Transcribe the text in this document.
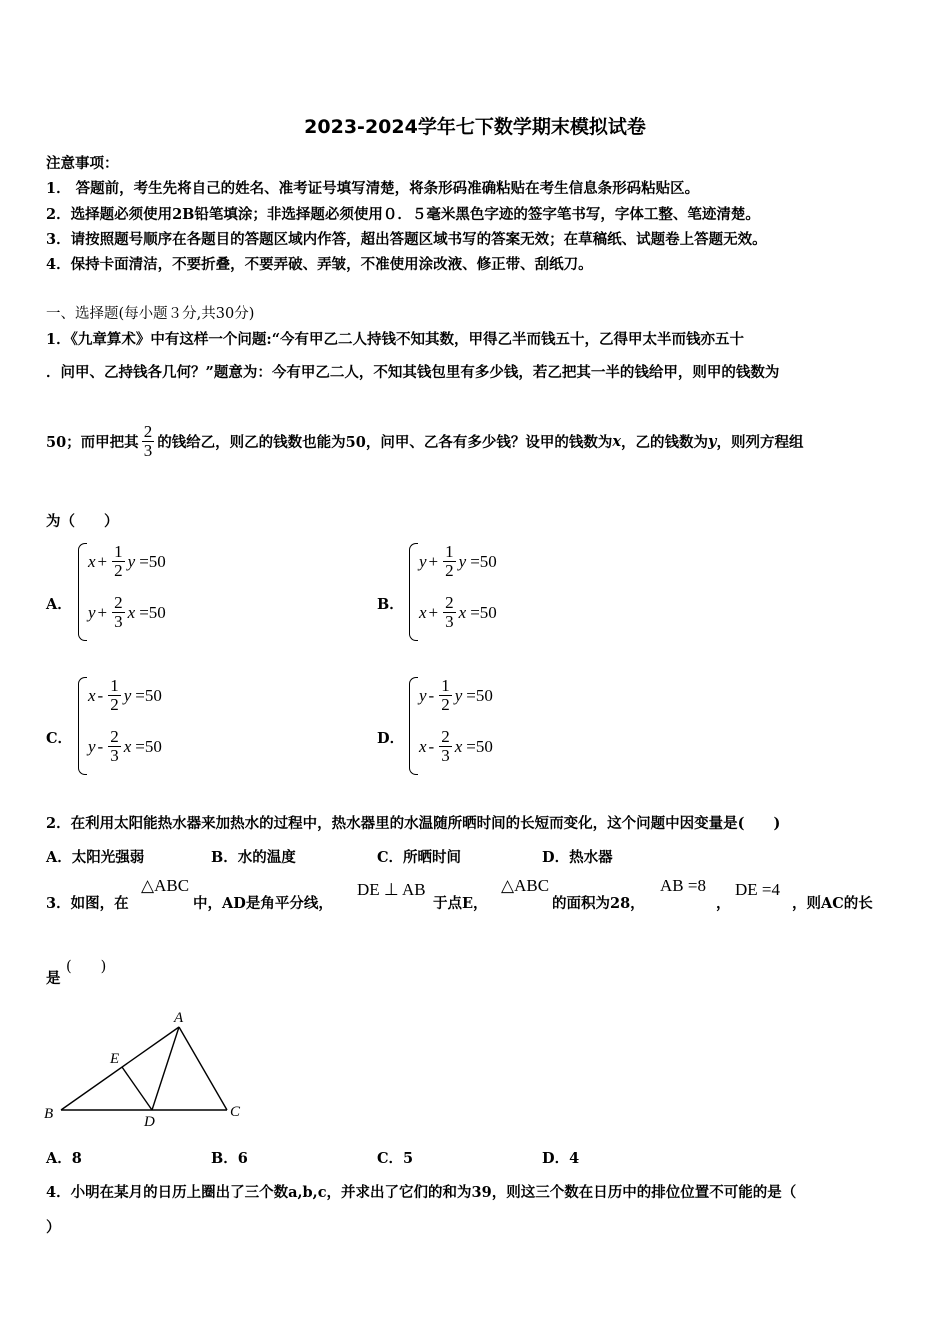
2023-2024学年七下数学期末模拟试卷
注意事项：
1． 答题前，考生先将自己的姓名、准考证号填写清楚，将条形码准确粘贴在考生信息条形码粘贴区。
2．选择题必须使用2B铅笔填涂；非选择题必须使用０．５毫米黑色字迹的签字笔书写，字体工整、笔迹清楚。
3．请按照题号顺序在各题目的答题区域内作答，超出答题区域书写的答案无效；在草稿纸、试题卷上答题无效。
4．保持卡面清洁，不要折叠，不要弄破、弄皱，不准使用涂改液、修正带、刮纸刀。
一、选择题(每小题３分,共30分)
1．《九章算术》中有这样一个问题:“今有甲乙二人持钱不知其数，甲得乙半而钱五十，乙得甲太半而钱亦五十
．问甲、乙持钱各几何？”题意为：今有甲乙二人，不知其钱包里有多少钱，若乙把其一半的钱给甲，则甲的钱数为
50；而甲把其 $\frac{2}{3}$ 的钱给乙，则乙的钱数也能为50，问甲、乙各有多少钱？设甲的钱数为 x ，乙的钱数为 y ，则列方程组
为（　　）
A．
$x + \frac{1}{2}$ y =50
$y + \frac{2}{3}$ x =50	B．
$y + \frac{1}{2}$ y =50
$x + \frac{2}{3}$ x =50
C．
x - $\frac{1}{2}$ y =50
y - $\frac{2}{3}$ x =50	D．
y - $\frac{1}{2}$ y =50
x - $\frac{2}{3}$ x =50
2．在利用太阳能热水器来加热水的过程中，热水器里的水温随所晒时间的长短而变化，这个问题中因变量是(　　)
A．太阳光强弱	B．水的温度	C．所晒时间	D．热水器
3．如图，在
△ABC
中，AD是角平分线，
DE ⊥ AB
于点E，
△ABC
的面积为28，
AB =8
，
DE =4
，则AC的长
是
(　　)
A
E
B	D
C
A．8	B．6	C．5	D．4
4．小明在某月的日历上圈出了三个数a,b,c，并求出了它们的和为39，则这三个数在日历中的排位位置不可能的是（
）
